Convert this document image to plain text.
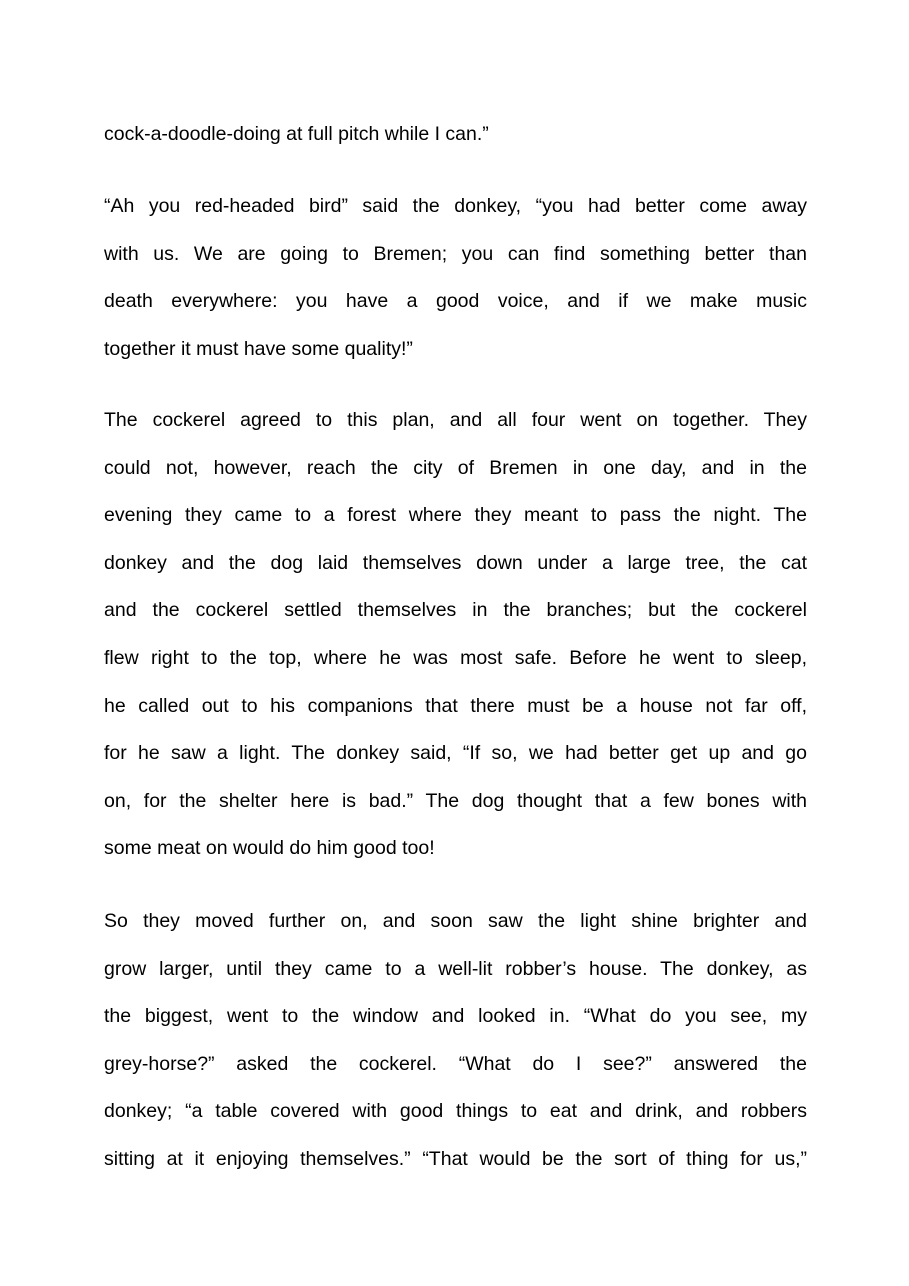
cock-a-doodle-doing at full pitch while I can.”
“Ah you red-headed bird” said the donkey, “you had better come away
with us. We are going to Bremen; you can find something better than
death everywhere: you have a good voice, and if we make music
together it must have some quality!”
The cockerel agreed to this plan, and all four went on together. They
could not, however, reach the city of Bremen in one day, and in the
evening they came to a forest where they meant to pass the night. The
donkey and the dog laid themselves down under a large tree, the cat
and the cockerel settled themselves in the branches; but the cockerel
flew right to the top, where he was most safe. Before he went to sleep,
he called out to his companions that there must be a house not far off,
for he saw a light. The donkey said, “If so, we had better get up and go
on, for the shelter here is bad.” The dog thought that a few bones with
some meat on would do him good too!
So they moved further on, and soon saw the light shine brighter and
grow larger, until they came to a well-lit robber’s house. The donkey, as
the biggest, went to the window and looked in. “What do you see, my
grey-horse?” asked the cockerel. “What do I see?” answered the
donkey; “a table covered with good things to eat and drink, and robbers
sitting at it enjoying themselves.” “That would be the sort of thing for us,”
